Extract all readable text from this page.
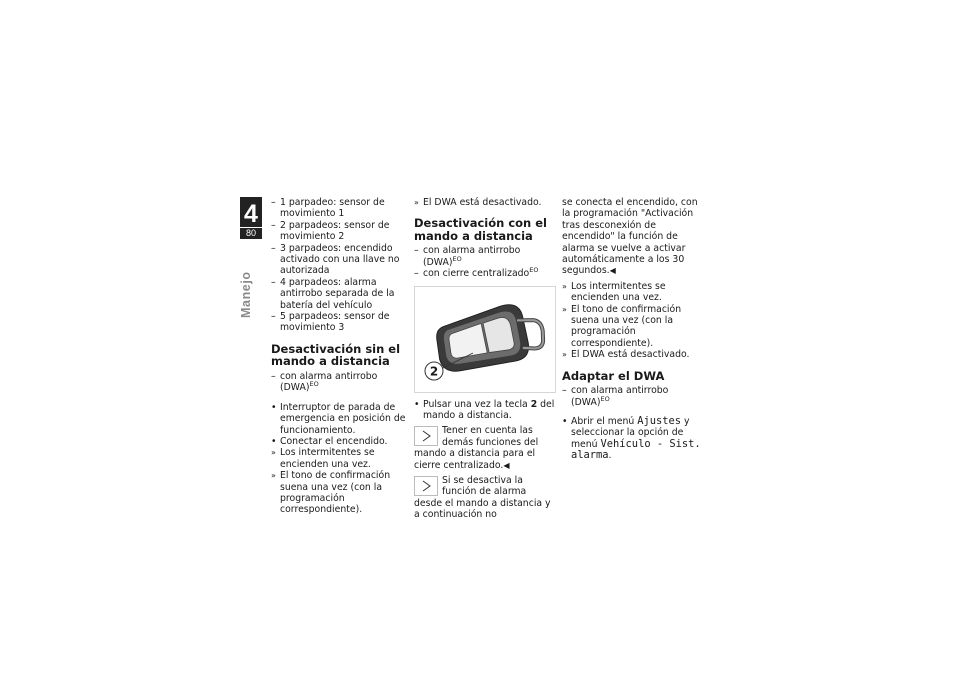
4
80
Manejo
– 1 parpadeo: sensor de movimiento 1
– 2 parpadeos: sensor de movimiento 2
– 3 parpadeos: encendido activado con una llave no autorizada
– 4 parpadeos: alarma antirrobo separada de la batería del vehículo
– 5 parpadeos: sensor de movimiento 3
Desactivación sin el mando a distancia
– con alarma antirrobo (DWA)$^{EO}$
• Interruptor de parada de emergencia en posición de funcionamiento.
• Conectar el encendido.
» Los intermitentes se encienden una vez.
» El tono de confirmación suena una vez (con la programación correspondiente).
» El DWA está desactivado.
Desactivación con el mando a distancia
– con alarma antirrobo (DWA)$^{EO}$
– con cierre centralizado$^{EO}$
2
• Pulsar una vez la tecla 2 del mando a distancia.
Tener en cuenta las demás funciones del mando a distancia para el cierre centralizado.◀
Si se desactiva la función de alarma desde el mando a distancia y a continuación no

se conecta el encendido, con la programación "Activación tras desconexión de encendido" la función de alarma se vuelve a activar automáticamente a los 30 segundos.◀

» Los intermitentes se encienden una vez.
» El tono de confirmación suena una vez (con la programación correspondiente).
» El DWA está desactivado.
Adaptar el DWA
– con alarma antirrobo (DWA)$^{EO}$
• Abrir el menú Ajustes y seleccionar la opción de menú Vehículo - Sist. alarma.
